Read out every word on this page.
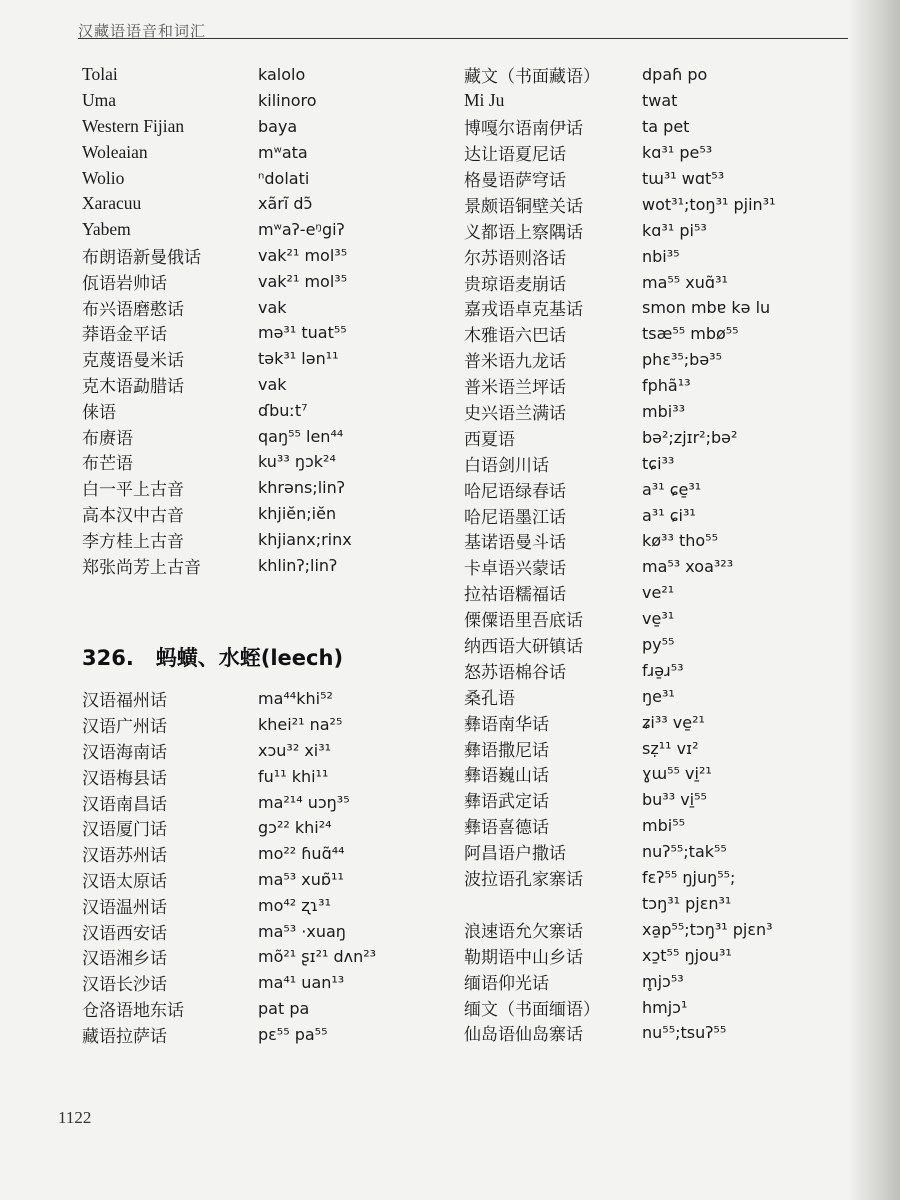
汉藏语语音和词汇
Tolai	kalolo
Uma	kilinoro
Western Fijian	baya
Woleaian	mʷata
Wolio	ⁿdolati
Xaracuu	xãrĩ dɔ̃
Yabem	mʷaʔ-eᵑgiʔ
布朗语新曼俄话	vak²¹ mol³⁵
佤语岩帅话	vak²¹ mol³⁵
布兴语磨憨话	vak
莽语金平话	mə³¹ tuat⁵⁵
克蔑语曼米话	tək³¹ lən¹¹
克木语勐腊话	vak
俫语	ɗbuːt⁷
布赓语	qaŋ⁵⁵ len⁴⁴
布芒语	ku³³ ŋɔk²⁴
白一平上古音	khrəns;linʔ
高本汉中古音	khjiĕn;iĕn
李方桂上古音	khjianx;rinx
郑张尚芳上古音	khlinʔ;linʔ
326. 蚂蟥、水蛭(leech)
汉语福州话	ma⁴⁴khi⁵²
汉语广州话	khei²¹ na²⁵
汉语海南话	xɔu³² xi³¹
汉语梅县话	fu¹¹ khi¹¹
汉语南昌话	ma²¹⁴ uɔŋ³⁵
汉语厦门话	gɔ²² khi²⁴
汉语苏州话	mo²² ɦuɑ̃⁴⁴
汉语太原话	ma⁵³ xuɒ̃¹¹
汉语温州话	mo⁴² ʐɿ³¹
汉语西安话	ma⁵³ ·xuaŋ
汉语湘乡话	mõ²¹ ʂɪ²¹ dʌn²³
汉语长沙话	ma⁴¹ uan¹³
仓洛语地东话	pat pa
藏语拉萨话	pɛ⁵⁵ pa⁵⁵
藏文（书面藏语）	dpaɦ po
Mi Ju	twat
博嘎尔语南伊话	ta pet
达让语夏尼话	kɑ³¹ pe⁵³
格曼语萨穹话	tɯ³¹ wɑt⁵³
景颇语铜壁关话	wot³¹;toŋ³¹ pjin³¹
义都语上察隅话	kɑ³¹ pi⁵³
尔苏语则洛话	nbi³⁵
贵琼语麦崩话	ma⁵⁵ xuɑ̃³¹
嘉戎语卓克基话	smon mbɐ kə lu
木雅语六巴话	tsæ⁵⁵ mbø⁵⁵
普米语九龙话	phɛ³⁵;bə³⁵
普米语兰坪话	fphã¹³
史兴语兰满话	mbi³³
西夏语	bə²;zjɪr²;bə²
白语剑川话	tɕi³³
哈尼语绿春话	a³¹ ɕe̱³¹
哈尼语墨江话	a³¹ ɕi³¹
基诺语曼斗话	kø³³ tho⁵⁵
卡卓语兴蒙话	ma⁵³ xoa³²³
拉祜语糯福话	ve²¹
傈僳语里吾底话	ve̱³¹
纳西语大研镇话	py⁵⁵
怒苏语棉谷话	fɹə̱ɹ⁵³
桑孔语	ŋe³¹
彝语南华话	ʑi³³ ve̱²¹
彝语撒尼话	sẓ¹¹ vɪ²
彝语巍山话	ɣɯ⁵⁵ vi̱²¹
彝语武定话	bu³³ vi̱⁵⁵
彝语喜德话	mbi⁵⁵
阿昌语户撒话	nuʔ⁵⁵;tak⁵⁵
波拉语孔家寨话	fɛʔ⁵⁵ ŋjuŋ⁵⁵;
tɔŋ³¹ pjɛn³¹
浪速语允欠寨话	xa̱p⁵⁵;tɔŋ³¹ pjɛn³
勒期语中山乡话	xɔ̱t⁵⁵ ŋjou³¹
缅语仰光话	m̥jɔ⁵³
缅文（书面缅语）	hmjɔ¹
仙岛语仙岛寨话	nu⁵⁵;tsuʔ⁵⁵
1122
